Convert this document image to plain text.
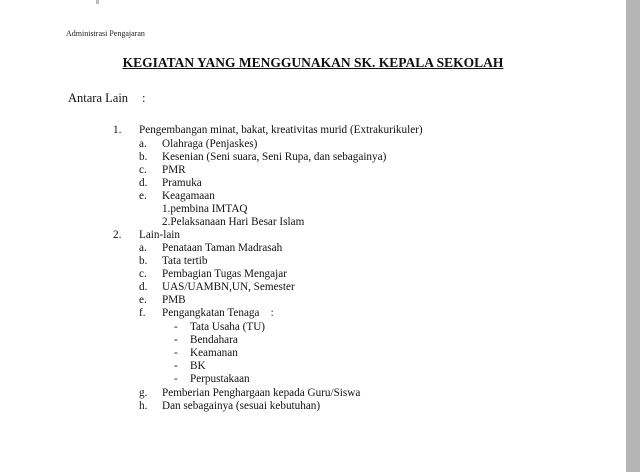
Administrasi Pengajaran
KEGIATAN YANG MENGGUNAKAN SK. KEPALA SEKOLAH
Antara Lain :
1. Pengembangan minat, bakat, kreativitas murid (Extrakurikuler)
a. Olahraga (Penjaskes)
b. Kesenian (Seni suara, Seni Rupa, dan sebagainya)
c. PMR
d. Pramuka
e. Keagamaan
1.pembina IMTAQ
2.Pelaksanaan Hari Besar Islam
2. Lain-lain
a. Penataan Taman Madrasah
b. Tata tertib
c. Pembagian Tugas Mengajar
d. UAS/UAMBN,UN, Semester
e. PMB
f. Pengangkatan Tenaga    :
- Tata Usaha (TU)
- Bendahara
- Keamanan
- BK
- Perpustakaan
g. Pemberian Penghargaan kepada Guru/Siswa
h. Dan sebagainya (sesuai kebutuhan)
